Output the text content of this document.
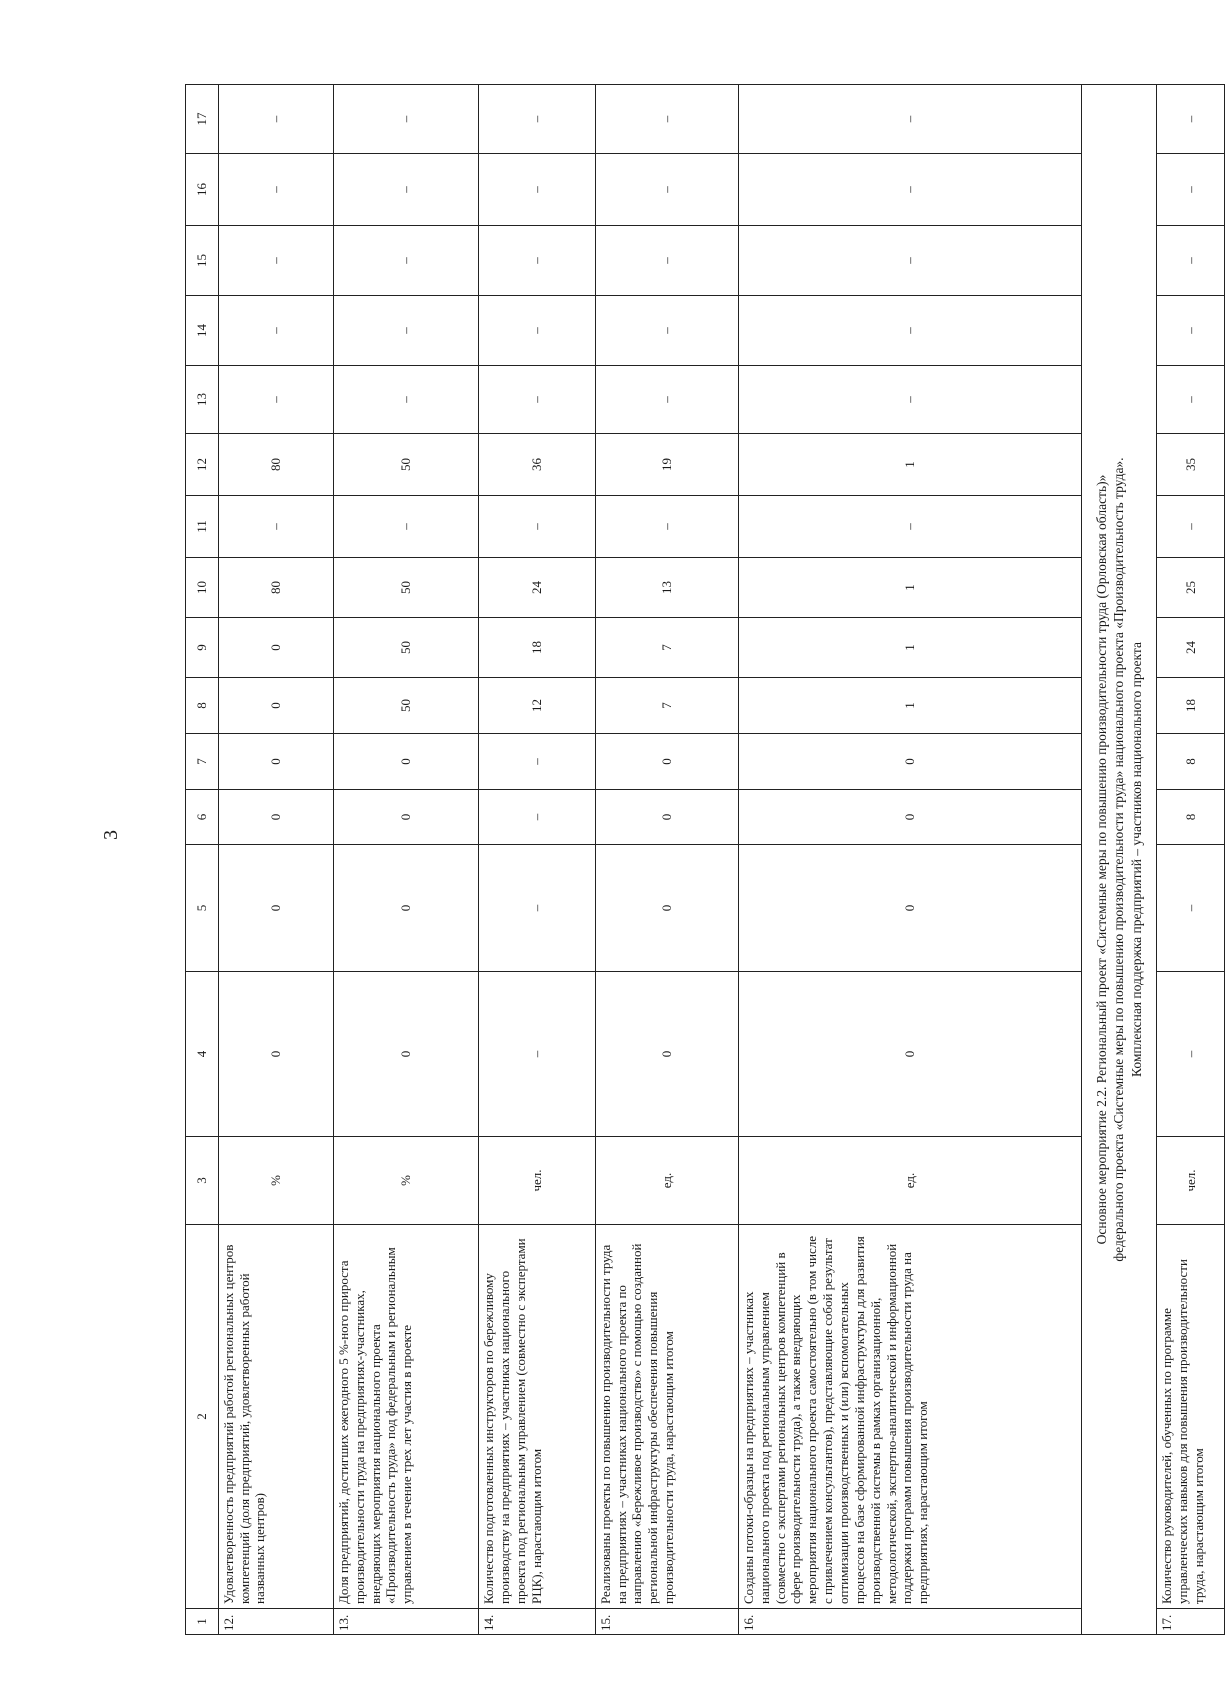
3
1	2	3	4	5	6	7	8	9	10	11	12	13	14	15	16	17
12.	Удовлетворенность предприятий работой региональных центров компетенций (доля предприятий, удовлетворенных работой названных центров)	%	0	0	0	0	0	0	80	–	80	–	–	–	–	–
13.	Доля предприятий, достигших ежегодного 5 %-ного прироста производительности труда на предприятиях-участниках, внедряющих мероприятия национального проекта «Производительность труда» под федеральным и региональным управлением в течение трех лет участия в проекте	%	0	0	0	0	50	50	50	–	50	–	–	–	–	–
14.	Количество подготовленных инструкторов по бережливому производству на предприятиях – участниках национального проекта под региональным управлением (совместно с экспертами РЦК), нарастающим итогом	чел.	–	–	–	–	12	18	24	–	36	–	–	–	–	–
15.	Реализованы проекты по повышению производительности труда на предприятиях – участниках национального проекта по направлению «Бережливое производство» с помощью созданной региональной инфраструктуры обеспечения повышения производительности труда, нарастающим итогом	ед.	0	0	0	0	7	7	13	–	19	–	–	–	–	–
16.	Созданы потоки-образцы на предприятиях – участниках национального проекта под региональным управлением (совместно с экспертами региональных центров компетенций в сфере производительности труда), а также внедряющих мероприятия национального проекта самостоятельно (в том числе с привлечением консультантов), представляющие собой результат оптимизации производственных и (или) вспомогательных процессов на базе сформированной инфраструктуры для развития производственной системы в рамках организационной, методологической, экспертно-аналитической и информационной поддержки программ повышения производительности труда на предприятиях, нарастающим итогом	ед.	0	0	0	0	1	1	1	–	1	–	–	–	–	–

Основное мероприятие 2.2. Региональный проект «Системные меры по повышению производительности труда (Орловская область)» федерального проекта «Системные меры по повышению производительности труда» национального проекта «Производительность труда». Комплексная поддержка предприятий – участников национального проекта																

17.	Количество руководителей, обученных по программе управленческих навыков для повышения производительности труда, нарастающим итогом	чел.	–	–	8	8	18	24	25	–	35	–	–	–	–	–
